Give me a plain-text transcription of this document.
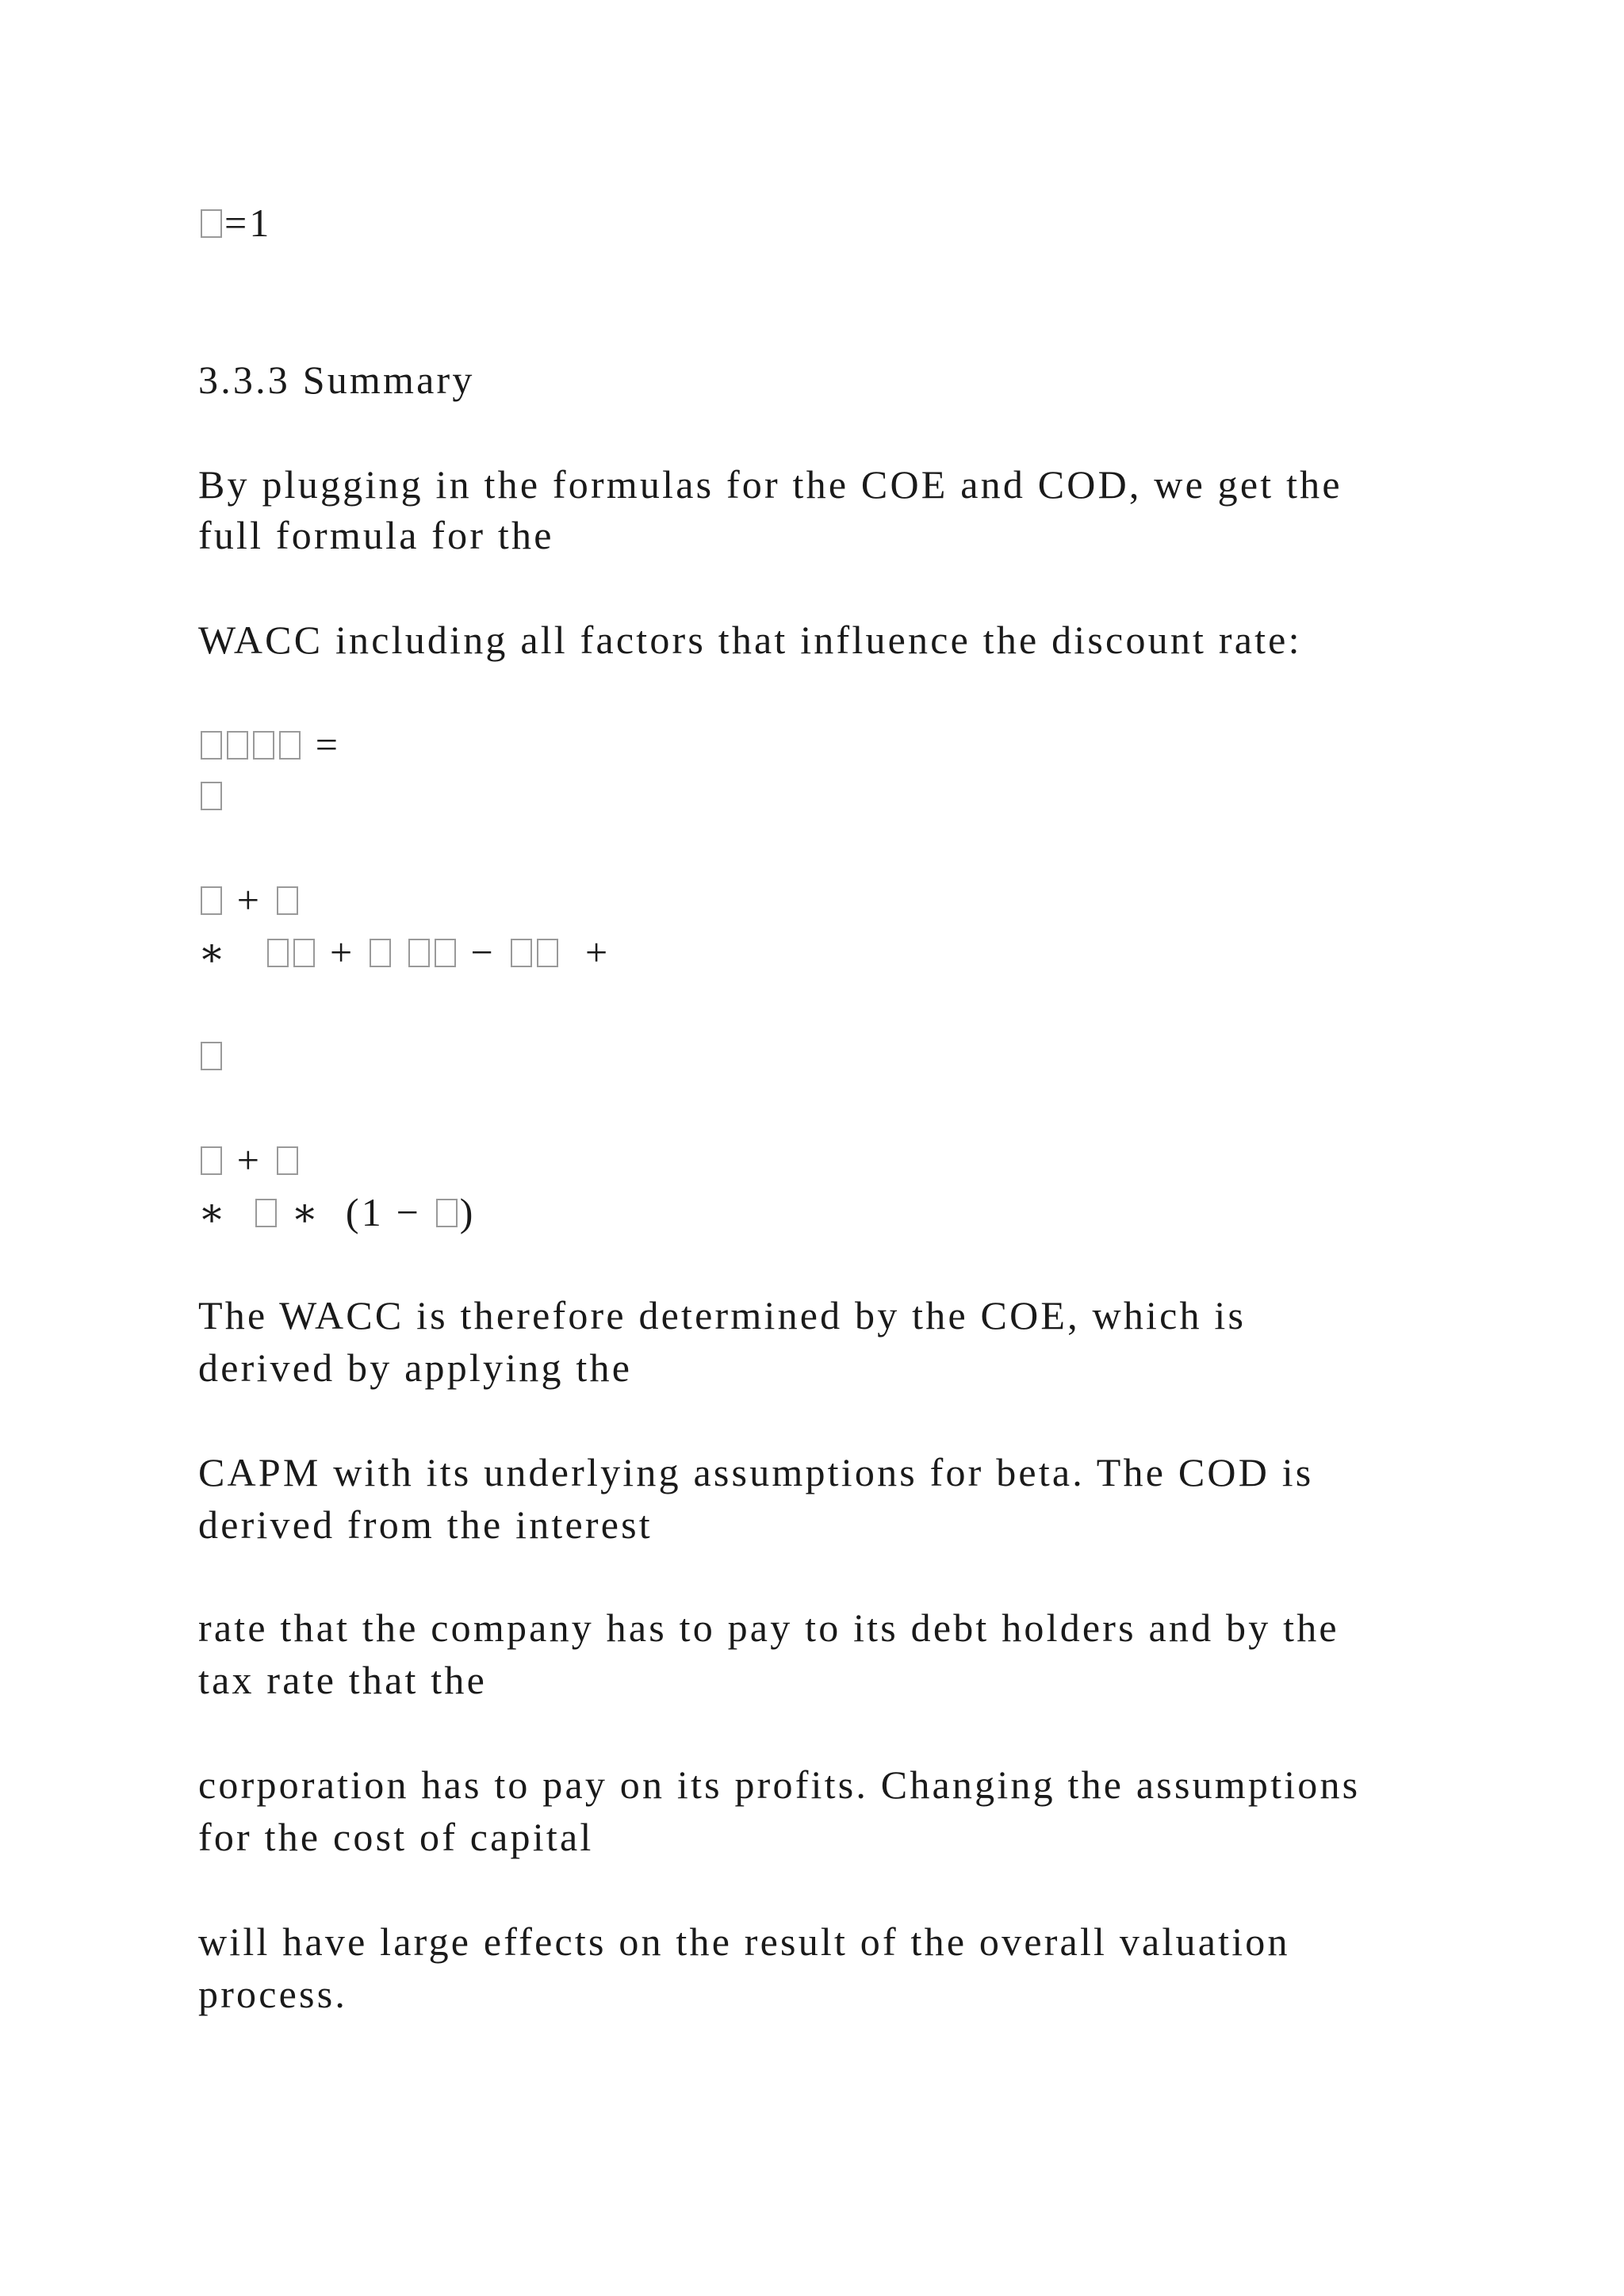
=1

3.3.3 Summary

By plugging in the formulas for the COE and COD, we get the

full formula for the

WACC including all factors that influence the discount rate:

=

+

∗	+	− +

+

∗ ∗ (1 − )

The WACC is therefore determined by the COE, which is

derived by applying the

CAPM with its underlying assumptions for beta. The COD is

derived from the interest

rate that the company has to pay to its debt holders and by the

tax rate that the

corporation has to pay on its profits. Changing the assumptions

for the cost of capital

will have large effects on the result of the overall valuation

process.
